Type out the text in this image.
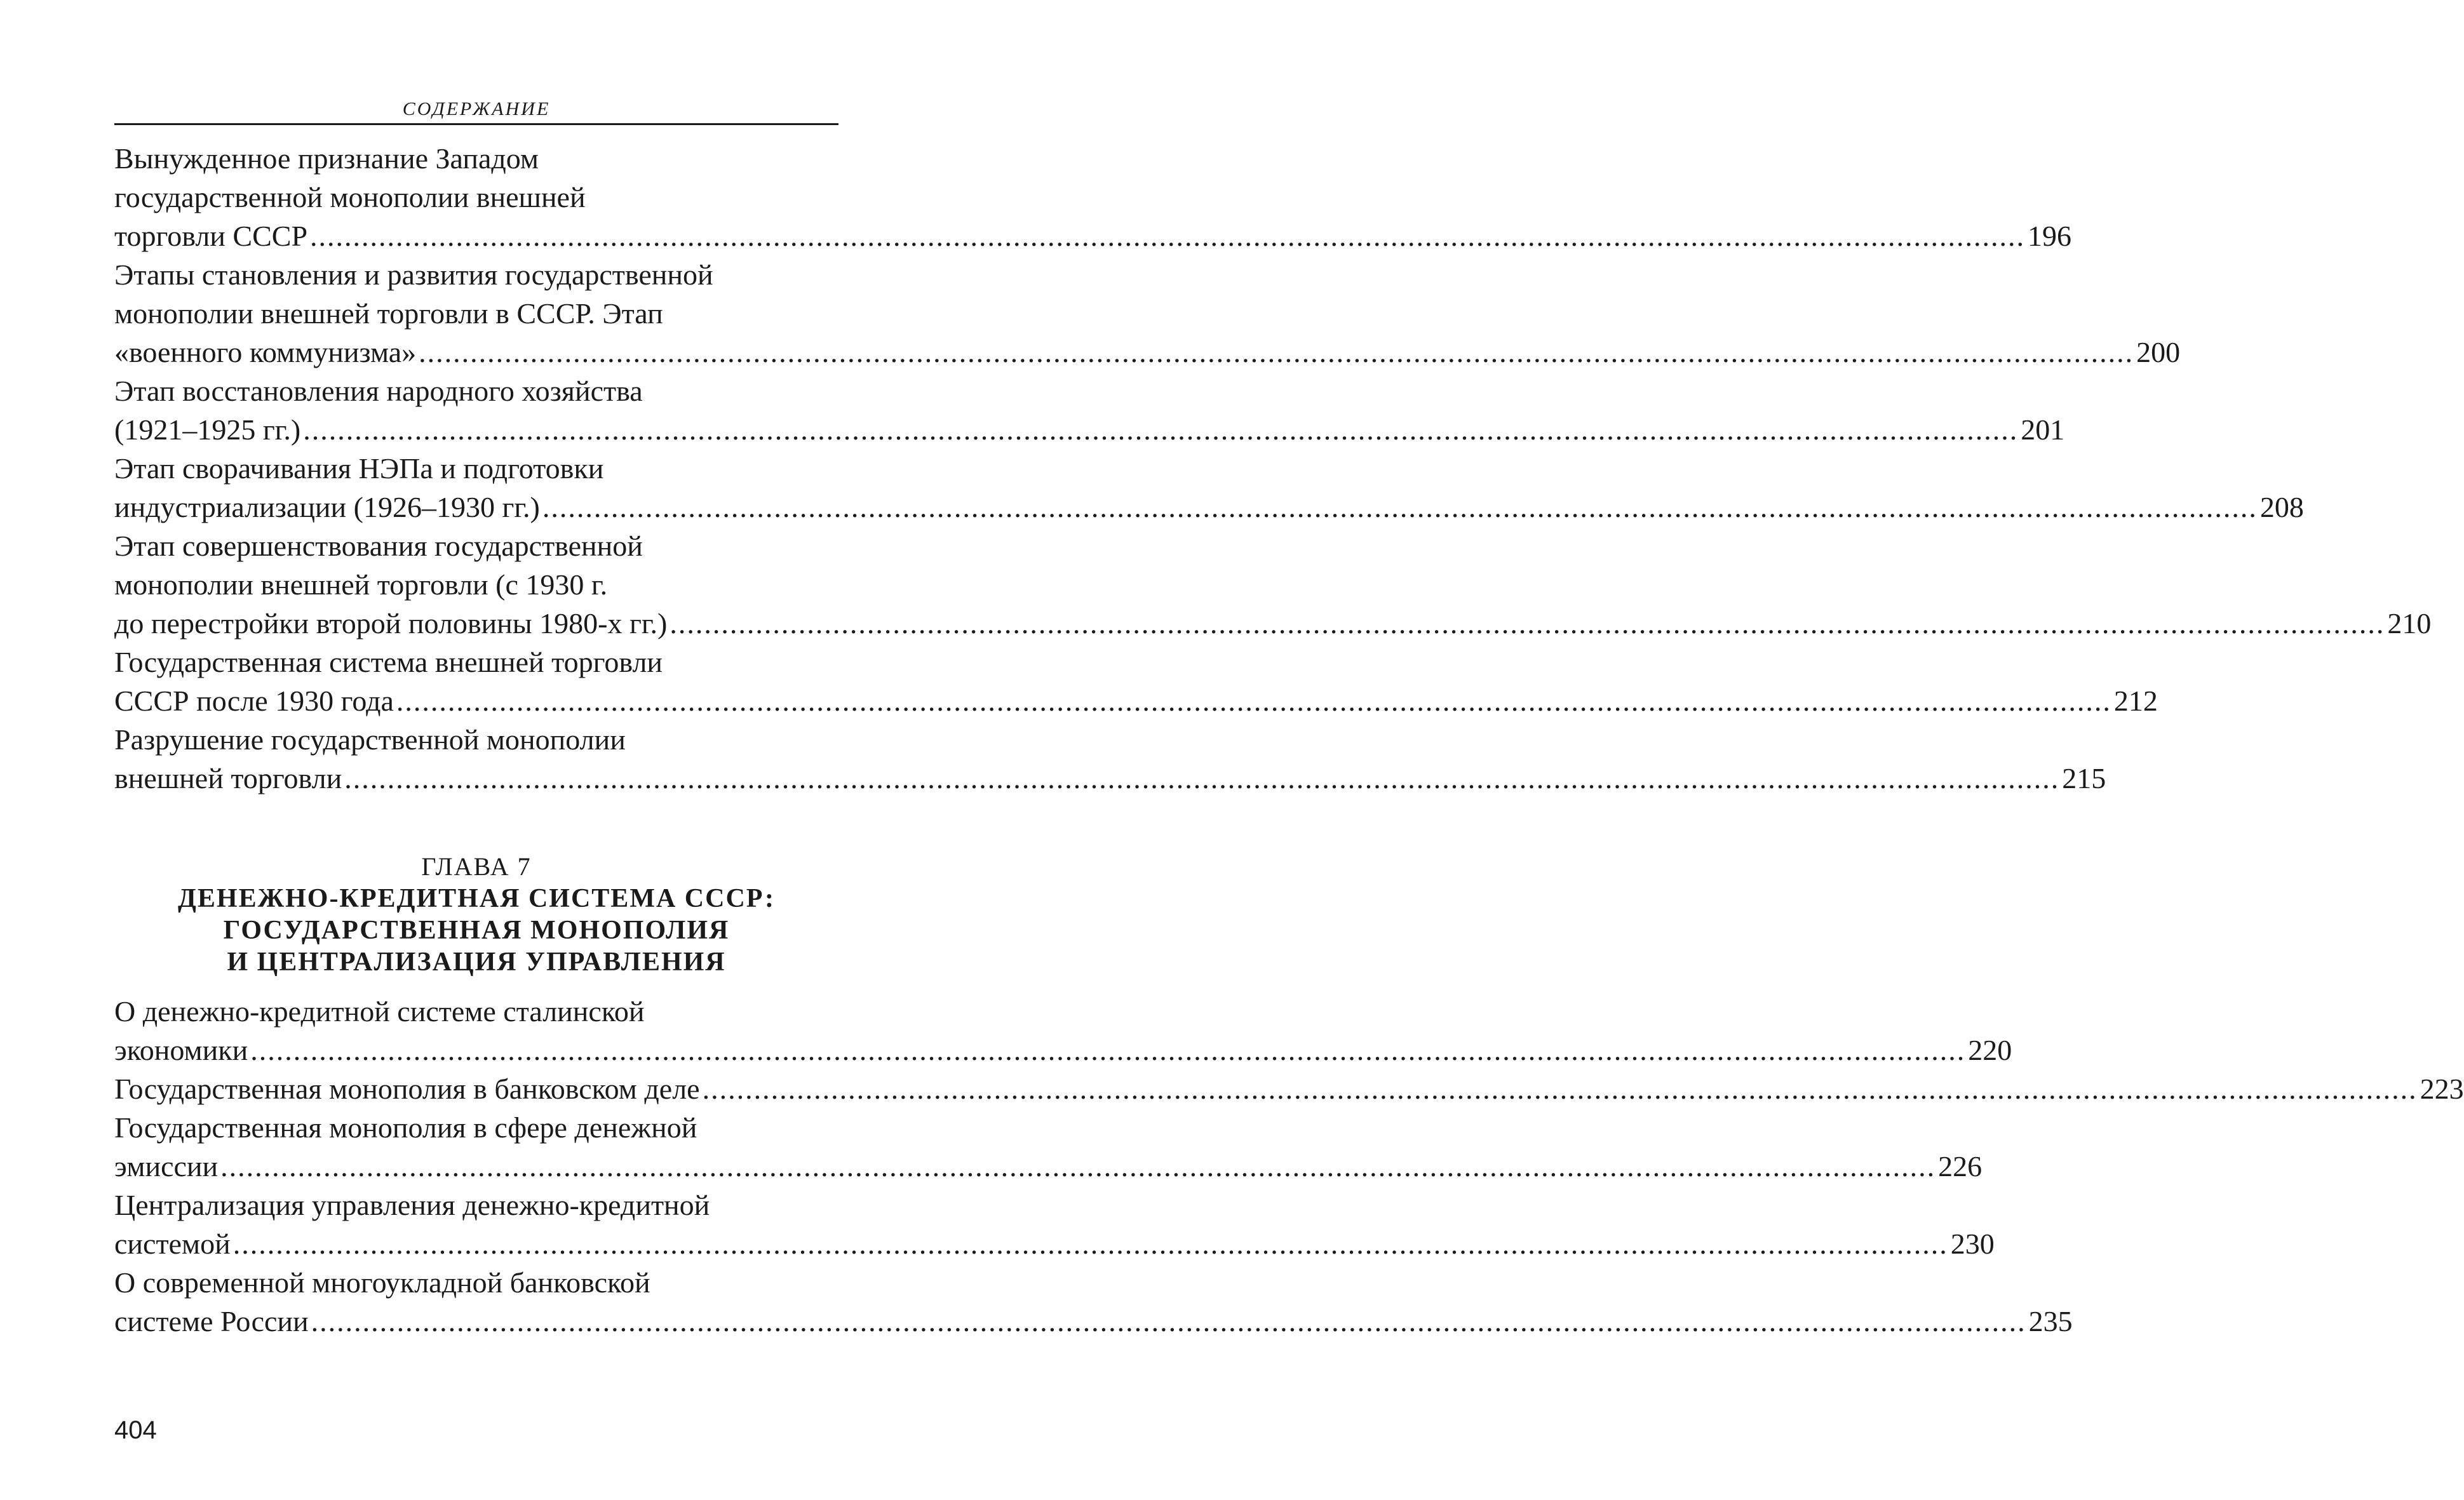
СОДЕРЖАНИЕ
Вынужденное признание Западом
государственной монополии внешней
торговли СССР ........................................................................................................................................................................................................ 196
Этапы становления и развития государственной
монополии внешней торговли в СССР. Этап
«военного коммунизма» ........................................................................................................................................................................................................ 200
Этап восстановления народного хозяйства
(1921–1925 гг.) ........................................................................................................................................................................................................ 201
Этап сворачивания НЭПа и подготовки
индустриализации (1926–1930 гг.) ........................................................................................................................................................................................................ 208
Этап совершенствования государственной
монополии внешней торговли (с 1930 г.
до перестройки второй половины 1980-х гг.) ........................................................................................................................................................................................................ 210
Государственная система внешней торговли
СССР после 1930 года ........................................................................................................................................................................................................ 212
Разрушение государственной монополии
внешней торговли ........................................................................................................................................................................................................ 215
ГЛАВА 7
ДЕНЕЖНО-КРЕДИТНАЯ СИСТЕМА СССР:
ГОСУДАРСТВЕННАЯ МОНОПОЛИЯ
И ЦЕНТРАЛИЗАЦИЯ УПРАВЛЕНИЯ
О денежно-кредитной системе сталинской
экономики ........................................................................................................................................................................................................ 220
Государственная монополия в банковском деле ........................................................................................................................................................................................................ 223
Государственная монополия в сфере денежной
эмиссии ........................................................................................................................................................................................................ 226
Централизация управления денежно-кредитной
системой ........................................................................................................................................................................................................ 230
О современной многоукладной банковской
системе России ........................................................................................................................................................................................................ 235
404
